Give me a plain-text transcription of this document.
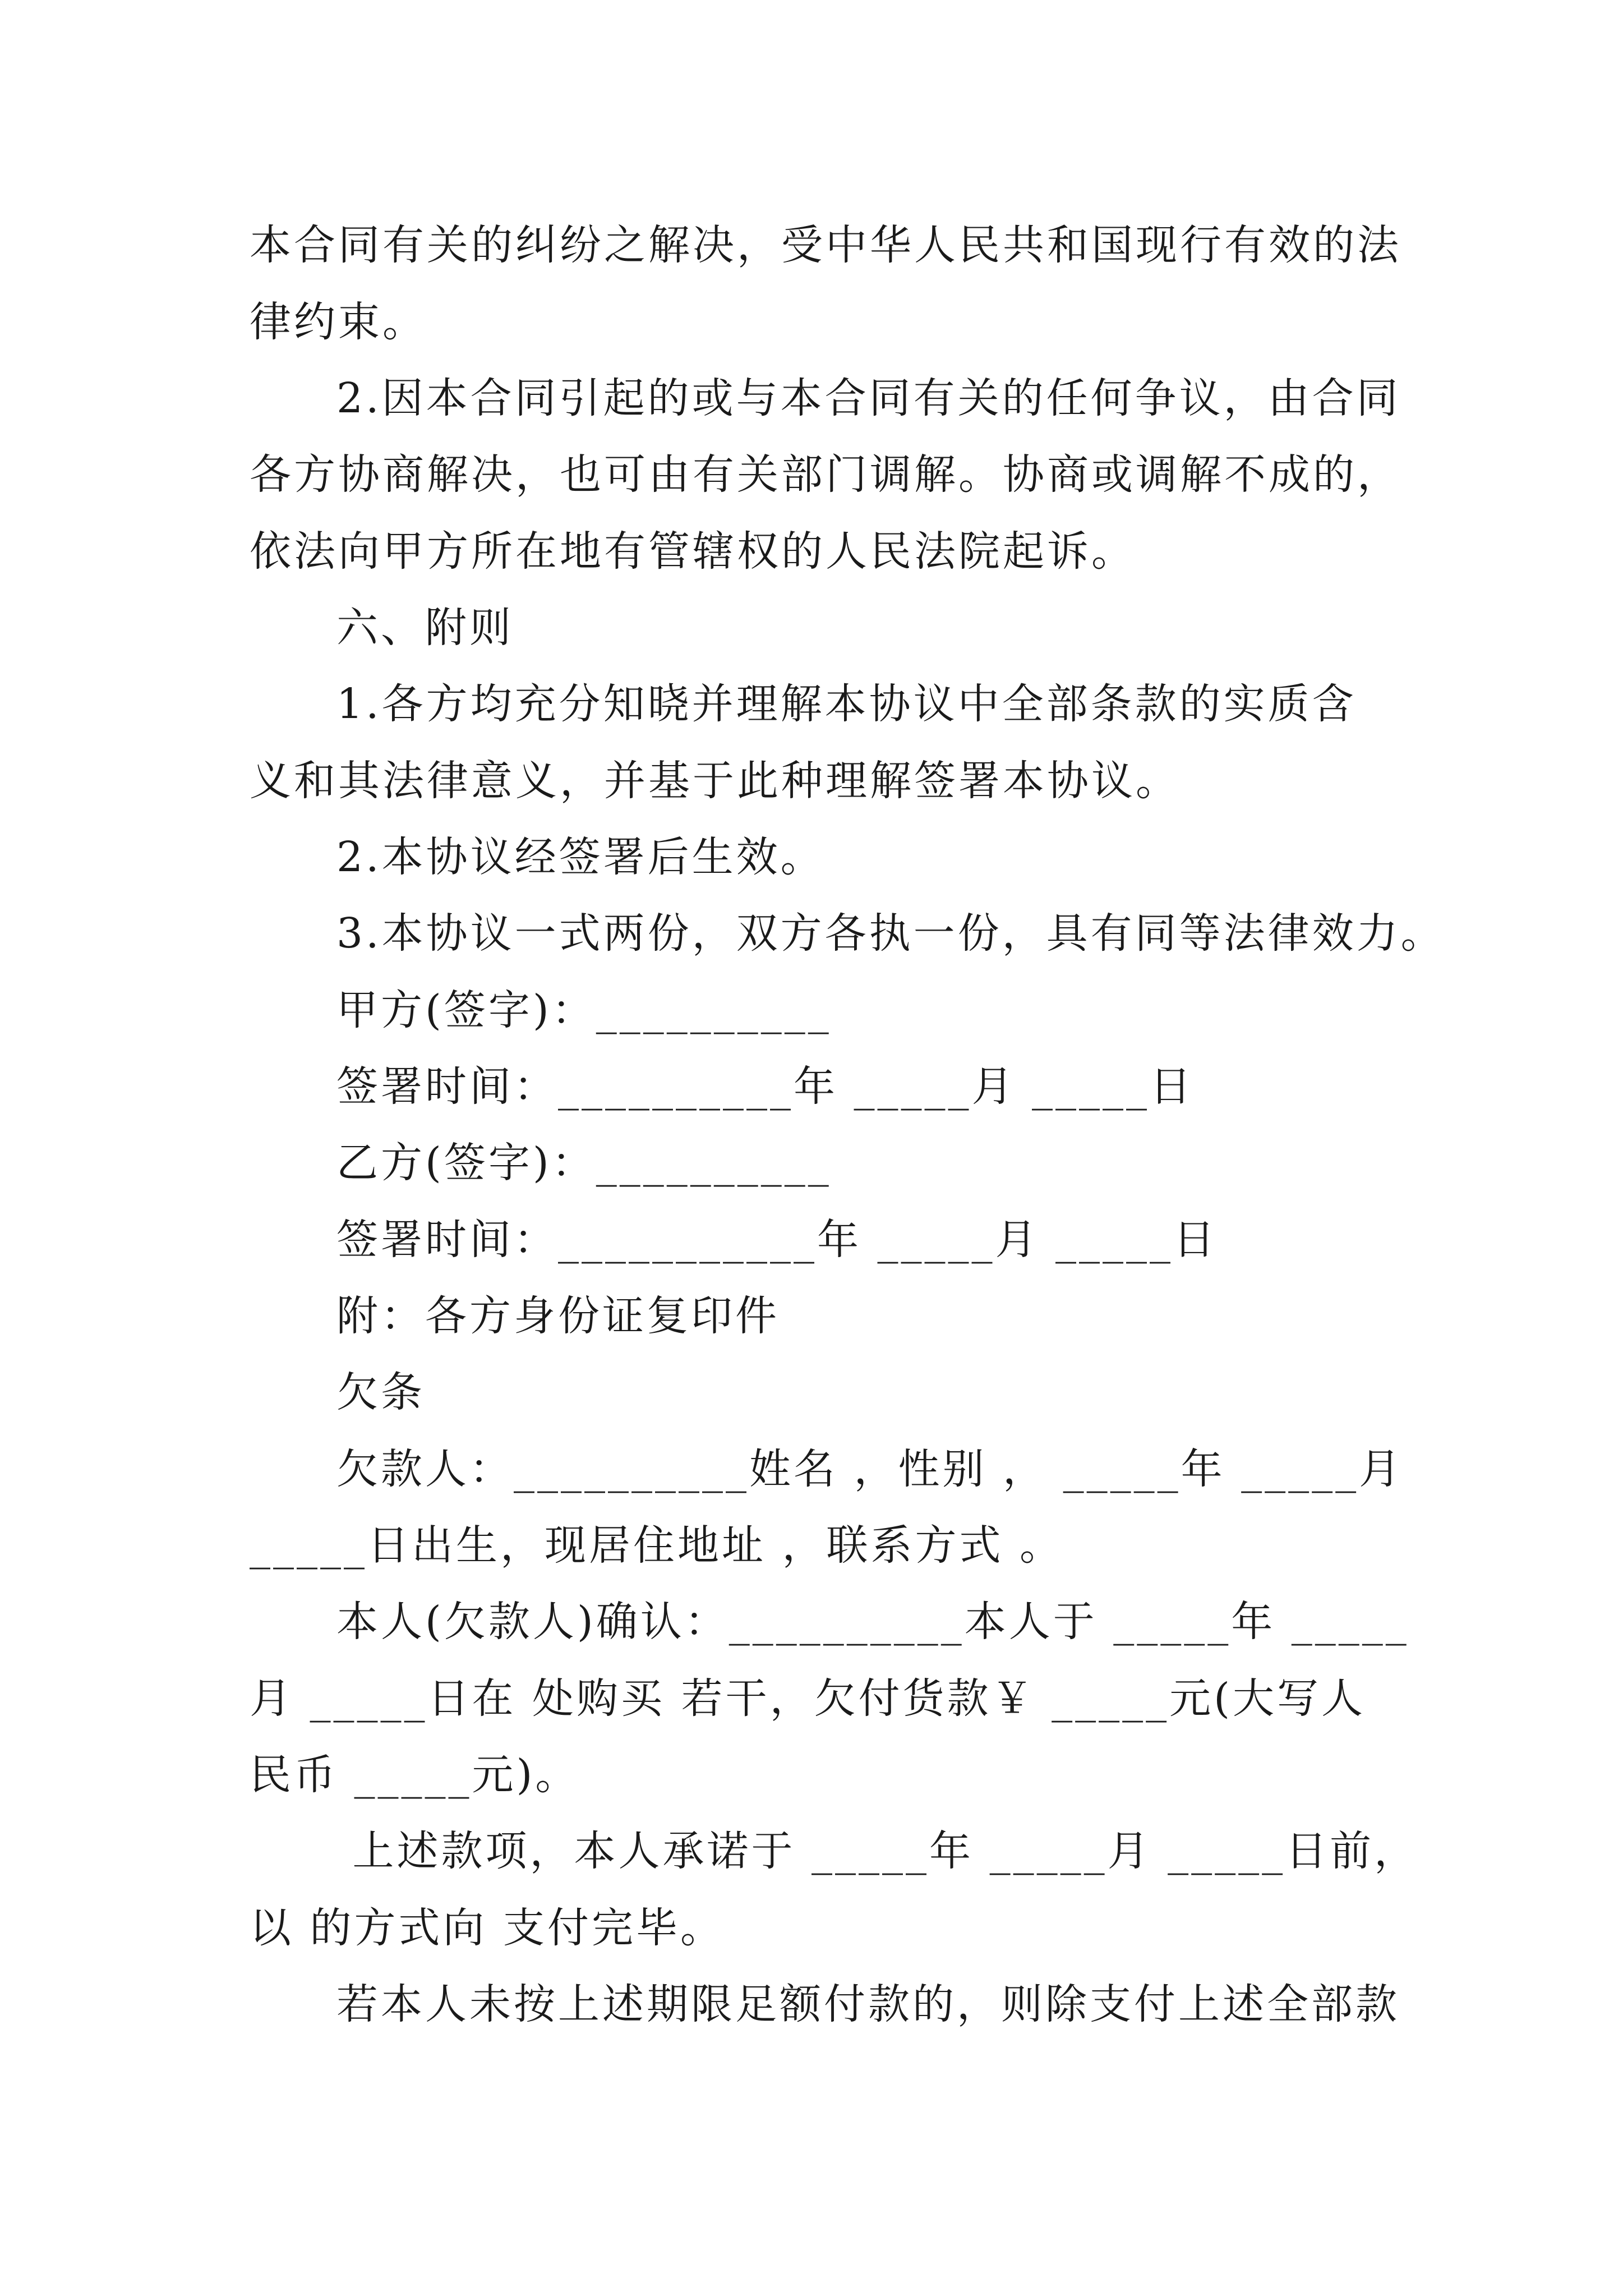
本合同有关的纠纷之解决，受中华人民共和国现行有效的法
律约束。
2.因本合同引起的或与本合同有关的任何争议，由合同
各方协商解决，也可由有关部门调解。协商或调解不成的，
依法向甲方所在地有管辖权的人民法院起诉。
六、附则
1.各方均充分知晓并理解本协议中全部条款的实质含
义和其法律意义，并基于此种理解签署本协议。
2.本协议经签署后生效。
3.本协议一式两份，双方各执一份，具有同等法律效力。
甲方(签字)：__________
签署时间：__________年 _____月 _____日
乙方(签字)：__________
签署时间：___________年 _____月 _____日
附：各方身份证复印件
欠条
欠款人：__________姓名 ，性别 ， _____年 _____月
_____日出生，现居住地址 ，联系方式 。
本人(欠款人)确认：__________本人于 _____年 _____
月 _____日在 处购买 若干，欠付货款￥ _____元(大写人
民币 _____元)。
上述款项，本人承诺于 _____年 _____月 _____日前，
以 的方式向 支付完毕。
若本人未按上述期限足额付款的，则除支付上述全部款
